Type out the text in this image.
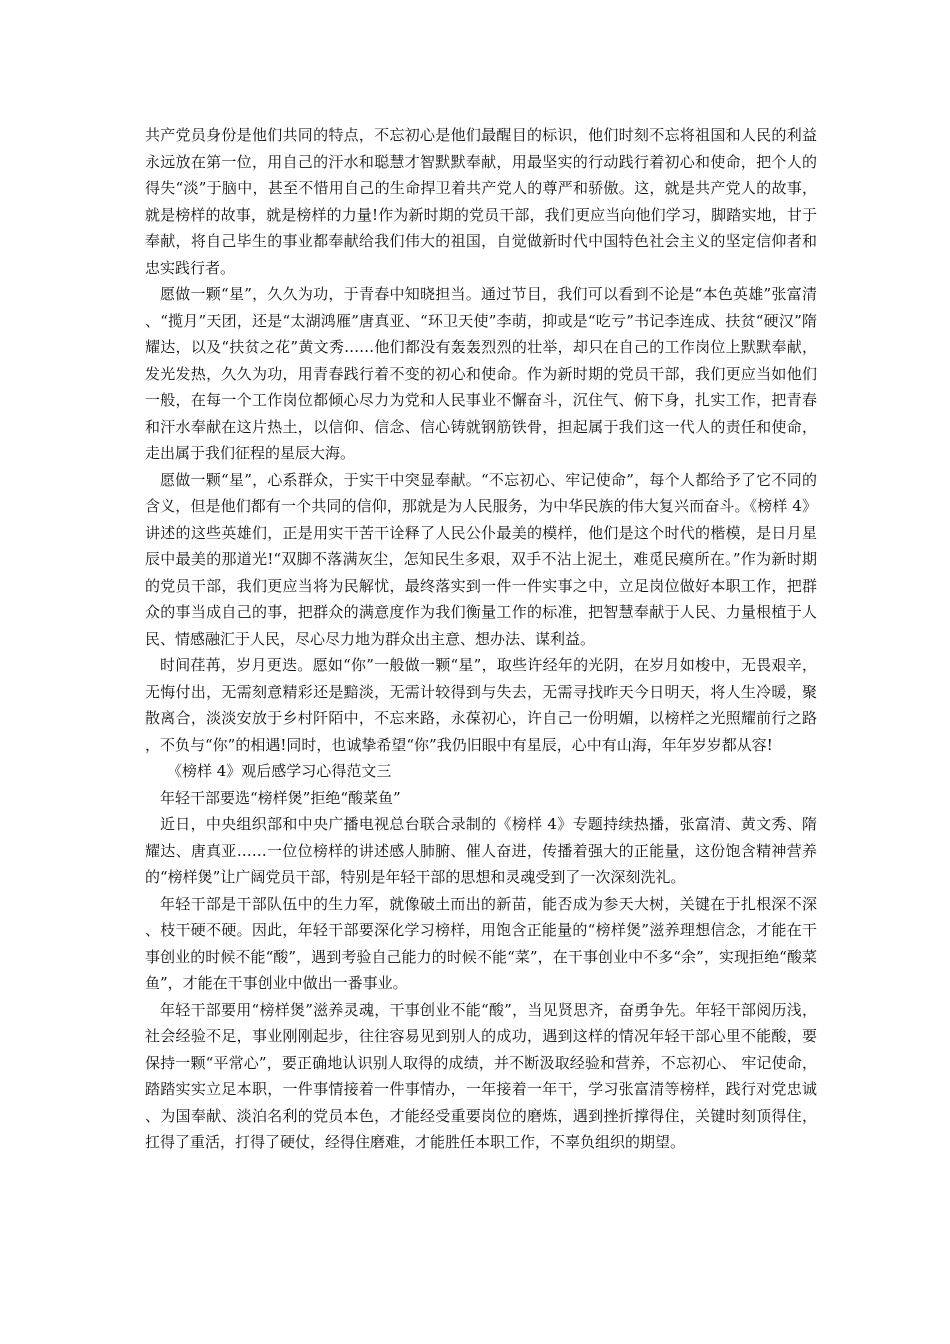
共产党员身份是他们共同的特点，不忘初心是他们最醒目的标识，他们时刻不忘将祖国和人民的利益永远放在第一位，用自己的汗水和聪慧才智默默奉献，用最坚实的行动践行着初心和使命，把个人的得失“淡”于脑中，甚至不惜用自己的生命捍卫着共产党人的尊严和骄傲。这，就是共产党人的故事，就是榜样的故事，就是榜样的力量!作为新时期的党员干部，我们更应当向他们学习，脚踏实地，甘于奉献，将自己毕生的事业都奉献给我们伟大的祖国，自觉做新时代中国特色社会主义的坚定信仰者和忠实践行者。

愿做一颗“星”，久久为功，于青春中知晓担当。通过节目，我们可以看到不论是“本色英雄”张富清、“揽月”天团，还是“太湖鸿雁”唐真亚、“环卫天使”李萌，抑或是“吃亏”书记李连成、扶贫“硬汉”隋耀达，以及“扶贫之花”黄文秀……他们都没有轰轰烈烈的壮举，却只在自己的工作岗位上默默奉献，发光发热，久久为功，用青春践行着不变的初心和使命。作为新时期的党员干部，我们更应当如他们一般，在每一个工作岗位都倾心尽力为党和人民事业不懈奋斗，沉住气、俯下身，扎实工作，把青春和汗水奉献在这片热土，以信仰、信念、信心铸就钢筋铁骨，担起属于我们这一代人的责任和使命，走出属于我们征程的星辰大海。

愿做一颗“星”，心系群众，于实干中突显奉献。“不忘初心、牢记使命”，每个人都给予了它不同的含义，但是他们都有一个共同的信仰，那就是为人民服务，为中华民族的伟大复兴而奋斗。《榜样 4》讲述的这些英雄们，正是用实干苦干诠释了人民公仆最美的模样，他们是这个时代的楷模，是日月星辰中最美的那道光!“双脚不落满灰尘，怎知民生多艰，双手不沾上泥土，难觅民瘼所在。”作为新时期的党员干部，我们更应当将为民解忧，最终落实到一件一件实事之中，立足岗位做好本职工作，把群众的事当成自己的事，把群众的满意度作为我们衡量工作的标准，把智慧奉献于人民、力量根植于人民、情感融汇于人民，尽心尽力地为群众出主意、想办法、谋利益。

时间荏苒，岁月更迭。愿如“你”一般做一颗“星”，取些许经年的光阴，在岁月如梭中，无畏艰辛，无悔付出，无需刻意精彩还是黯淡，无需计较得到与失去，无需寻找昨天今日明天，将人生冷暖，聚散离合，淡淡安放于乡村阡陌中，不忘来路，永葆初心，许自己一份明媚，以榜样之光照耀前行之路，不负与“你”的相遇!同时，也诚挚希望“你”我仍旧眼中有星辰，心中有山海，年年岁岁都从容!

《榜样 4》观后感学习心得范文三

年轻干部要选“榜样煲”拒绝“酸菜鱼”

近日，中央组织部和中央广播电视总台联合录制的《榜样 4》专题持续热播，张富清、黄文秀、隋耀达、唐真亚……一位位榜样的讲述感人肺腑、催人奋进，传播着强大的正能量，这份饱含精神营养的“榜样煲”让广阔党员干部，特别是年轻干部的思想和灵魂受到了一次深刻洗礼。

年轻干部是干部队伍中的生力军，就像破土而出的新苗，能否成为参天大树，关键在于扎根深不深、枝干硬不硬。因此，年轻干部要深化学习榜样，用饱含正能量的“榜样煲”滋养理想信念，才能在干事创业的时候不能“酸”，遇到考验自己能力的时候不能“菜”，在干事创业中不多“余”，实现拒绝“酸菜鱼”，才能在干事创业中做出一番事业。

年轻干部要用“榜样煲”滋养灵魂，干事创业不能“酸”，当见贤思齐，奋勇争先。年轻干部阅历浅，社会经验不足，事业刚刚起步，往往容易见到别人的成功，遇到这样的情况年轻干部心里不能酸，要保持一颗“平常心”，要正确地认识别人取得的成绩，并不断汲取经验和营养，不忘初心、 牢记使命，踏踏实实立足本职，一件事情接着一件事情办，一年接着一年干，学习张富清等榜样，践行对党忠诚、为国奉献、淡泊名利的党员本色，才能经受重要岗位的磨炼，遇到挫折撑得住，关键时刻顶得住，扛得了重活，打得了硬仗，经得住磨难，才能胜任本职工作，不辜负组织的期望。
